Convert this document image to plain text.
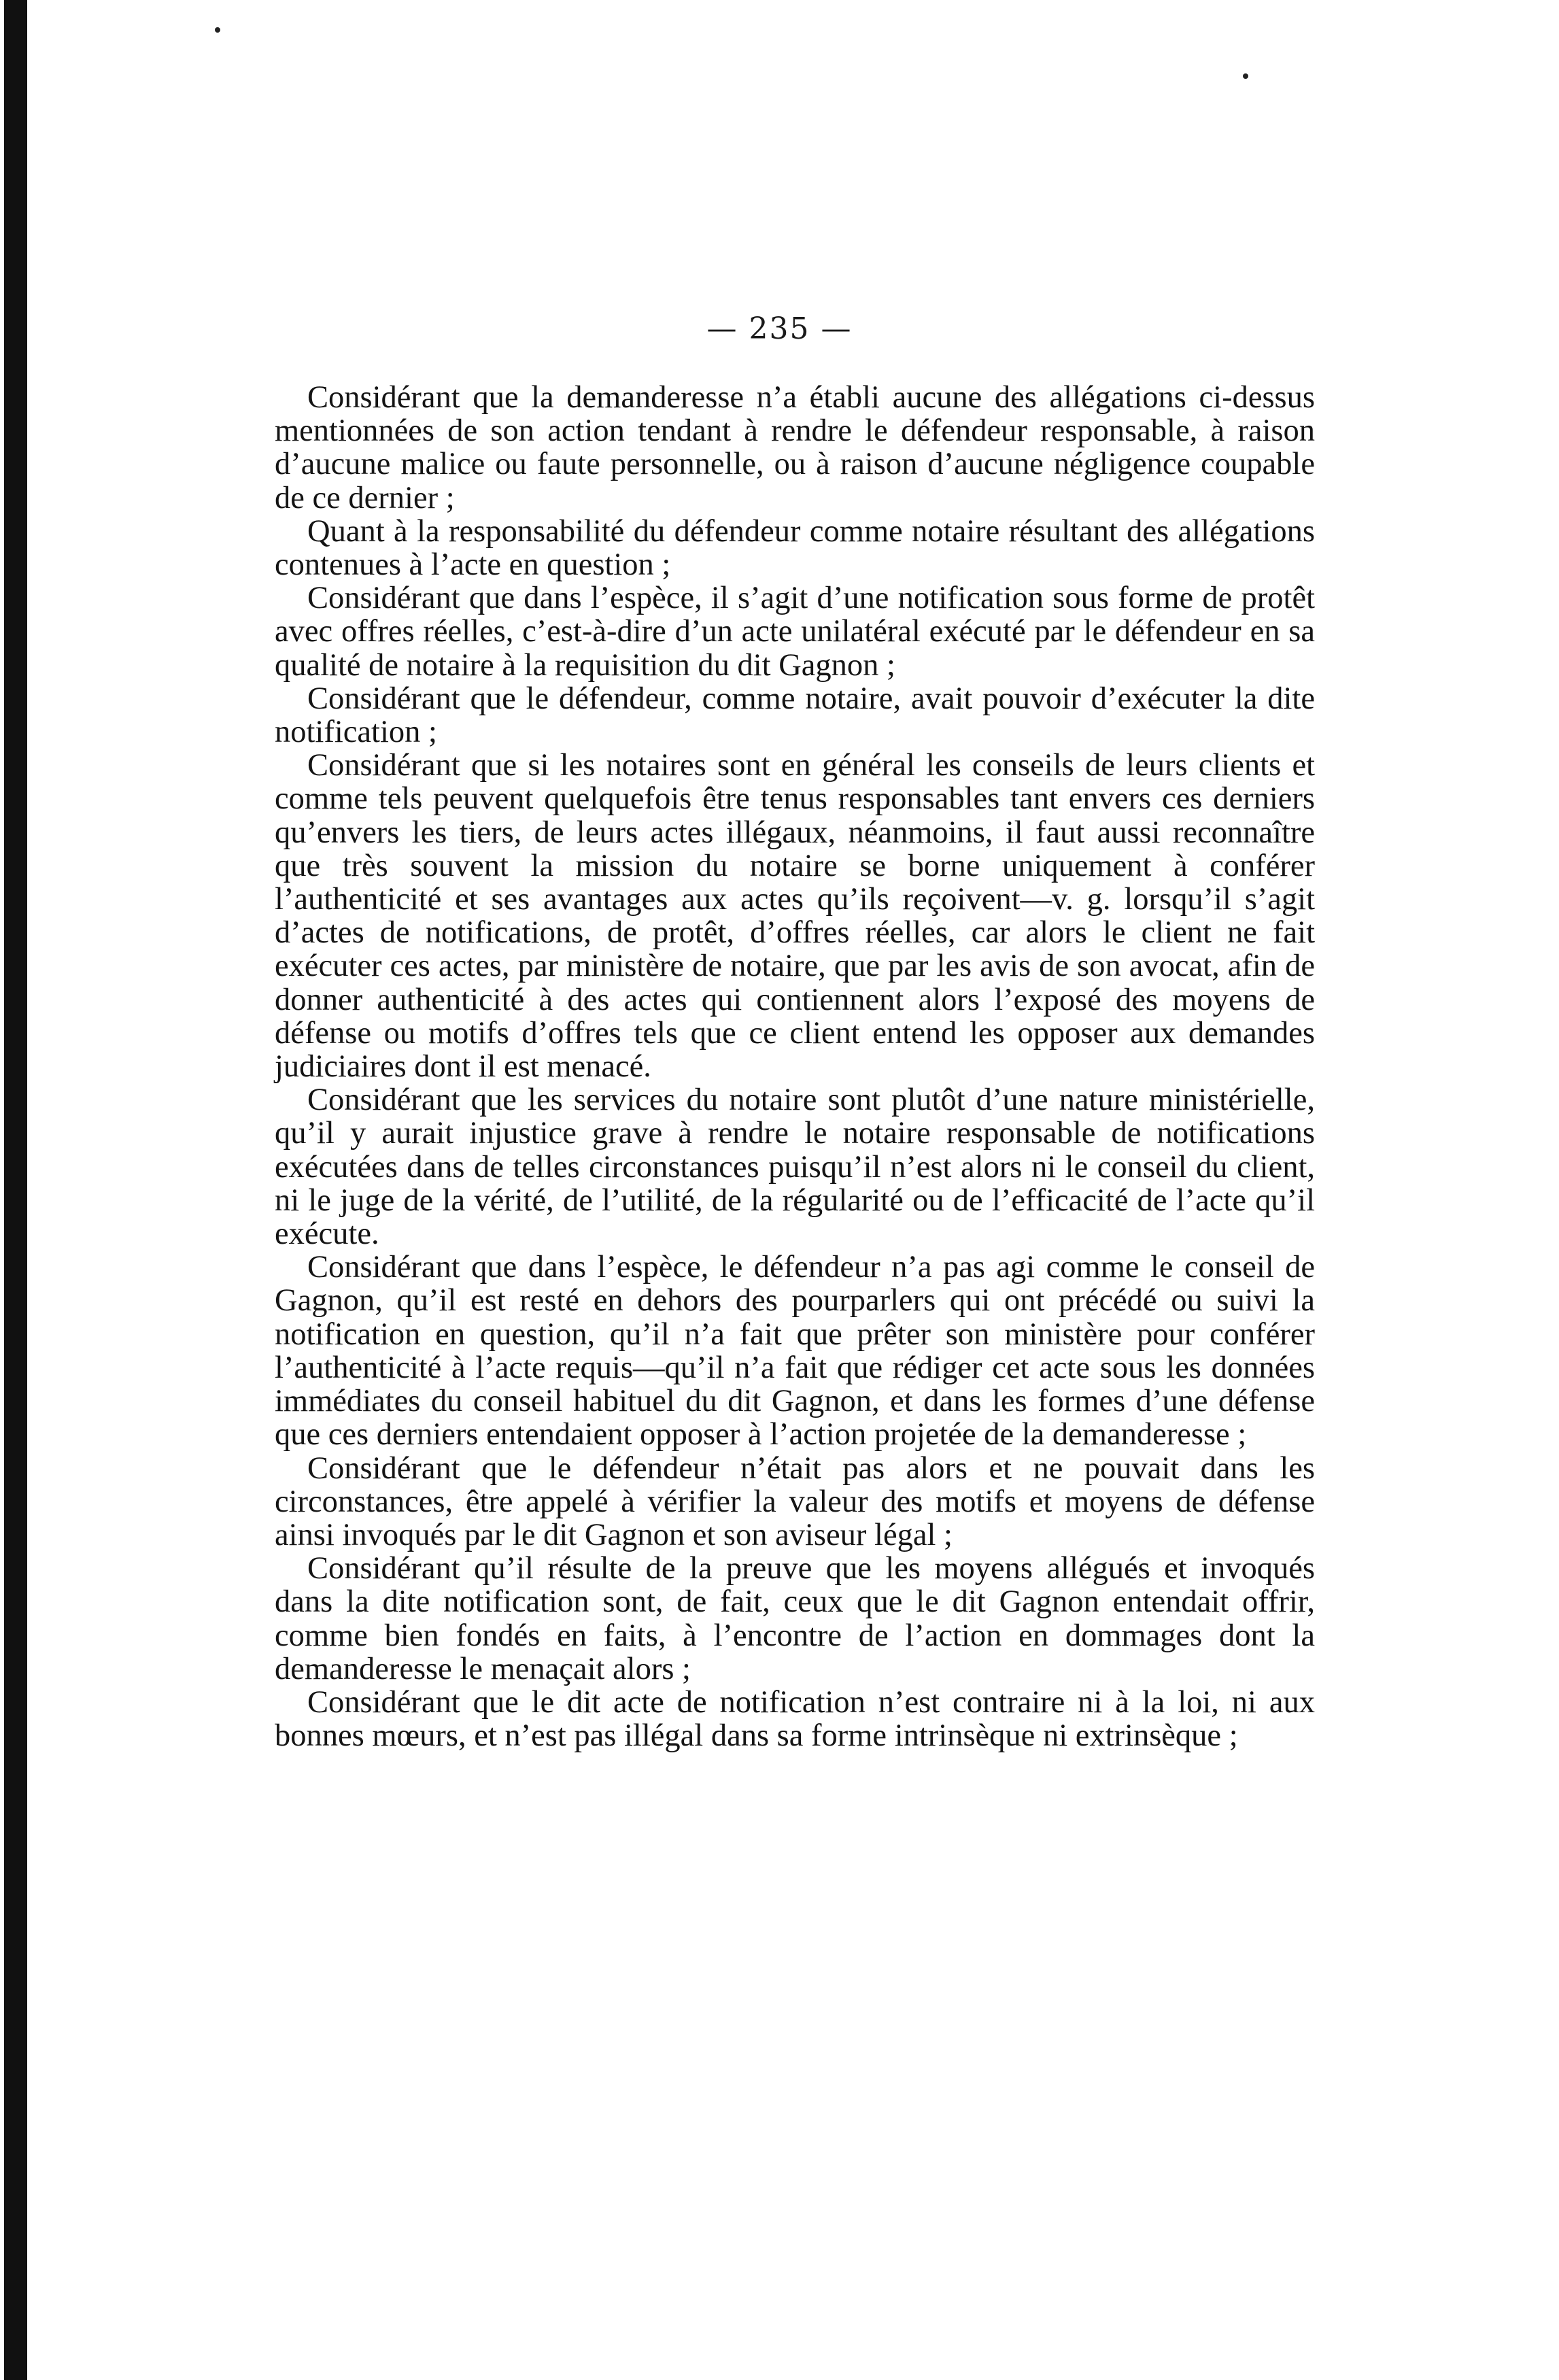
— 235 —

Considérant que la demanderesse n’a établi aucune des allégations ci-dessus mentionnées de son action tendant à rendre le défendeur responsable, à raison d’aucune malice ou faute personnelle, ou à raison d’aucune négligence coupable de ce dernier ;

Quant à la responsabilité du défendeur comme notaire résultant des allégations contenues à l’acte en question ;

Considérant que dans l’espèce, il s’agit d’une notification sous forme de protêt avec offres réelles, c’est-à-dire d’un acte unilatéral exécuté par le défendeur en sa qualité de notaire à la requisition du dit Gagnon ;

Considérant que le défendeur, comme notaire, avait pouvoir d’exécuter la dite notification ;

Considérant que si les notaires sont en général les conseils de leurs clients et comme tels peuvent quelquefois être tenus responsables tant envers ces derniers qu’envers les tiers, de leurs actes illégaux, néanmoins, il faut aussi reconnaître que très souvent la mission du notaire se borne uniquement à conférer l’authenticité et ses avantages aux actes qu’ils reçoivent—v. g. lorsqu’il s’agit d’actes de notifications, de protêt, d’offres réelles, car alors le client ne fait exécuter ces actes, par ministère de notaire, que par les avis de son avocat, afin de donner authenticité à des actes qui contiennent alors l’exposé des moyens de défense ou motifs d’offres tels que ce client entend les opposer aux demandes judiciaires dont il est menacé.

Considérant que les services du notaire sont plutôt d’une nature ministérielle, qu’il y aurait injustice grave à rendre le notaire responsable de notifications exécutées dans de telles circonstances puisqu’il n’est alors ni le conseil du client, ni le juge de la vérité, de l’utilité, de la régularité ou de l’efficacité de l’acte qu’il exécute.

Considérant que dans l’espèce, le défendeur n’a pas agi comme le conseil de Gagnon, qu’il est resté en dehors des pourparlers qui ont précédé ou suivi la notification en question, qu’il n’a fait que prêter son ministère pour conférer l’authenticité à l’acte requis—qu’il n’a fait que rédiger cet acte sous les données immédiates du conseil habituel du dit Gagnon, et dans les formes d’une défense que ces derniers entendaient opposer à l’action projetée de la demanderesse ;

Considérant que le défendeur n’était pas alors et ne pouvait dans les circonstances, être appelé à vérifier la valeur des motifs et moyens de défense ainsi invoqués par le dit Gagnon et son aviseur légal ;

Considérant qu’il résulte de la preuve que les moyens allégués et invoqués dans la dite notification sont, de fait, ceux que le dit Gagnon entendait offrir, comme bien fondés en faits, à l’encontre de l’action en dommages dont la demanderesse le menaçait alors ;

Considérant que le dit acte de notification n’est contraire ni à la loi, ni aux bonnes mœurs, et n’est pas illégal dans sa forme intrinsèque ni extrinsèque ;
